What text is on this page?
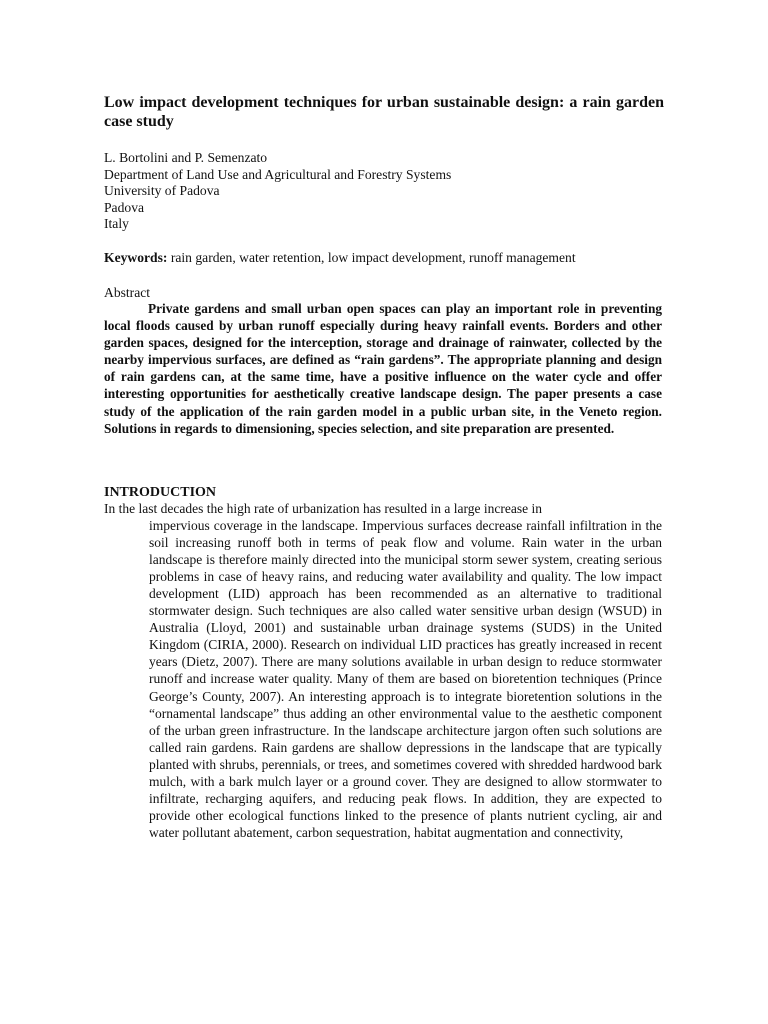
Low impact development techniques for urban sustainable design: a rain garden case study
L. Bortolini and P. Semenzato
Department of Land Use and Agricultural and Forestry Systems
University of Padova
Padova
Italy
Keywords: rain garden, water retention, low impact development, runoff management
Abstract

Private gardens and small urban open spaces can play an important role in preventing local floods caused by urban runoff especially during heavy rainfall events. Borders and other garden spaces, designed for the interception, storage and drainage of rainwater, collected by the nearby impervious surfaces, are defined as “rain gardens”. The appropriate planning and design of rain gardens can, at the same time, have a positive influence on the water cycle and offer interesting opportunities for aesthetically creative landscape design. The paper presents a case study of the application of the rain garden model in a public urban site, in the Veneto region. Solutions in regards to dimensioning, species selection, and site preparation are presented.

INTRODUCTION
In the last decades the high rate of urbanization has resulted in a large increase in
impervious coverage in the landscape. Impervious surfaces decrease rainfall infiltration in the soil increasing runoff both in terms of peak flow and volume. Rain water in the urban landscape is therefore mainly directed into the municipal storm sewer system, creating serious problems in case of heavy rains, and reducing water availability and quality. The low impact development (LID) approach has been recommended as an alternative to traditional stormwater design. Such techniques are also called water sensitive urban design (WSUD) in Australia (Lloyd, 2001) and sustainable urban drainage systems (SUDS) in the United Kingdom (CIRIA, 2000). Research on individual LID practices has greatly increased in recent years (Dietz, 2007). There are many solutions available in urban design to reduce stormwater runoff and increase water quality. Many of them are based on bioretention techniques (Prince George’s County, 2007). An interesting approach is to integrate bioretention solutions in the “ornamental landscape” thus adding an other environmental value to the aesthetic component of the urban green infrastructure. In the landscape architecture jargon often such solutions are called rain gardens. Rain gardens are shallow depressions in the landscape that are typically planted with shrubs, perennials, or trees, and sometimes covered with shredded hardwood bark mulch, with a bark mulch layer or a ground cover. They are designed to allow stormwater to infiltrate, recharging aquifers, and reducing peak flows. In addition, they are expected to provide other ecological functions linked to the presence of plants nutrient cycling, air and water pollutant abatement, carbon sequestration, habitat augmentation and connectivity,
